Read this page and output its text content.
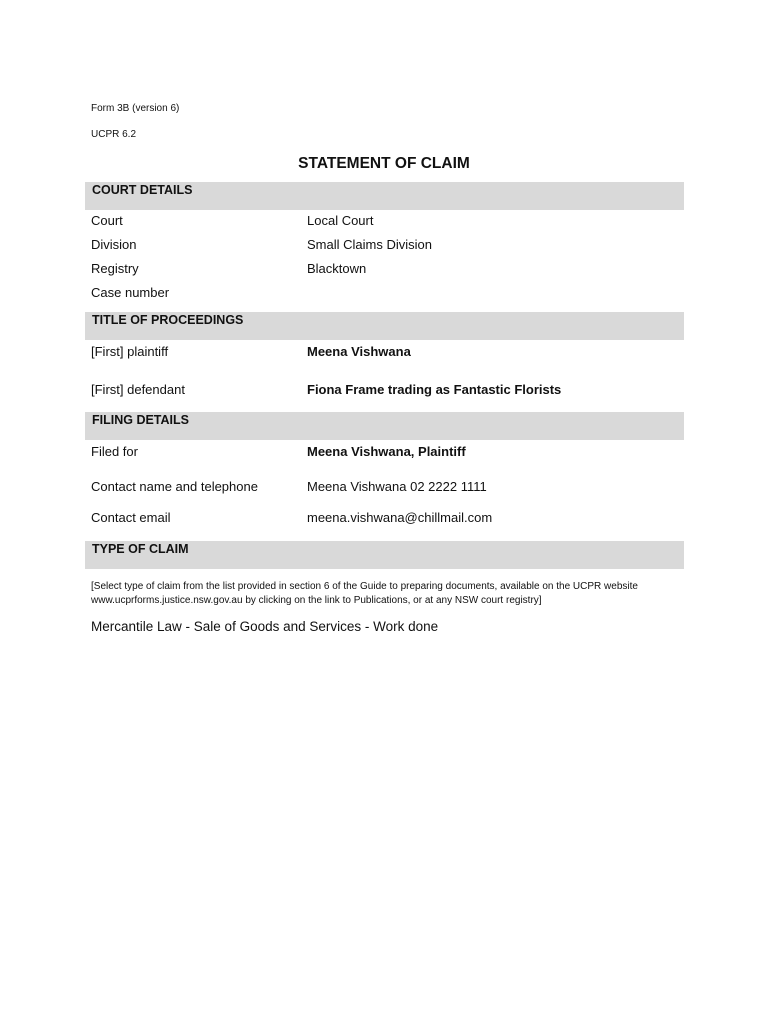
Form 3B (version 6)
UCPR 6.2
STATEMENT OF CLAIM
COURT DETAILS
Court	Local Court
Division	Small Claims Division
Registry	Blacktown
Case number
TITLE OF PROCEEDINGS
[First] plaintiff	Meena Vishwana
[First] defendant	Fiona Frame trading as Fantastic Florists
FILING DETAILS
Filed for	Meena Vishwana, Plaintiff
Contact name and telephone	Meena Vishwana 02 2222 1111
Contact email	meena.vishwana@chillmail.com
TYPE OF CLAIM
[Select type of claim from the list provided in section 6 of the Guide to preparing documents, available on the UCPR website www.ucprforms.justice.nsw.gov.au by clicking on the link to Publications, or at any NSW court registry]
Mercantile Law - Sale of Goods and Services - Work done
